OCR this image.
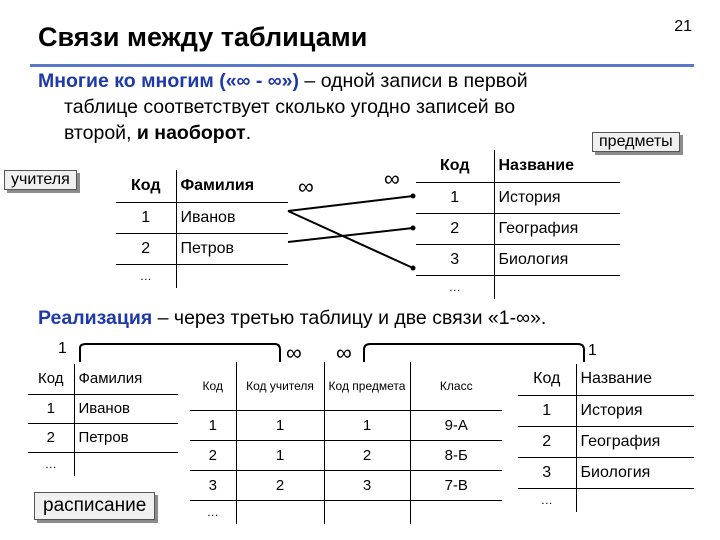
Связи между таблицами	21
Многие ко многим («∞ - ∞») – одной записи в первой
таблице соответствует сколько угодно записей во
второй, и наоборот.
учителя
предметы
Код	Фамилия
1	Иванов
2	Петров
…	
∞	∞
Код	Название
1	История
2	География
3	Биология
…	
Реализация – через третью таблицу и две связи «1-∞».
1	∞ ∞	1
Код	Фамилия
1	Иванов
2	Петров
…	
Код	Код учителя	Код предмета	Класс
1	1	1	9-А
2	1	2	8-Б
3	2	3	7-В
…			
Код	Название
1	История
2	География
3	Биология
…	
расписание
